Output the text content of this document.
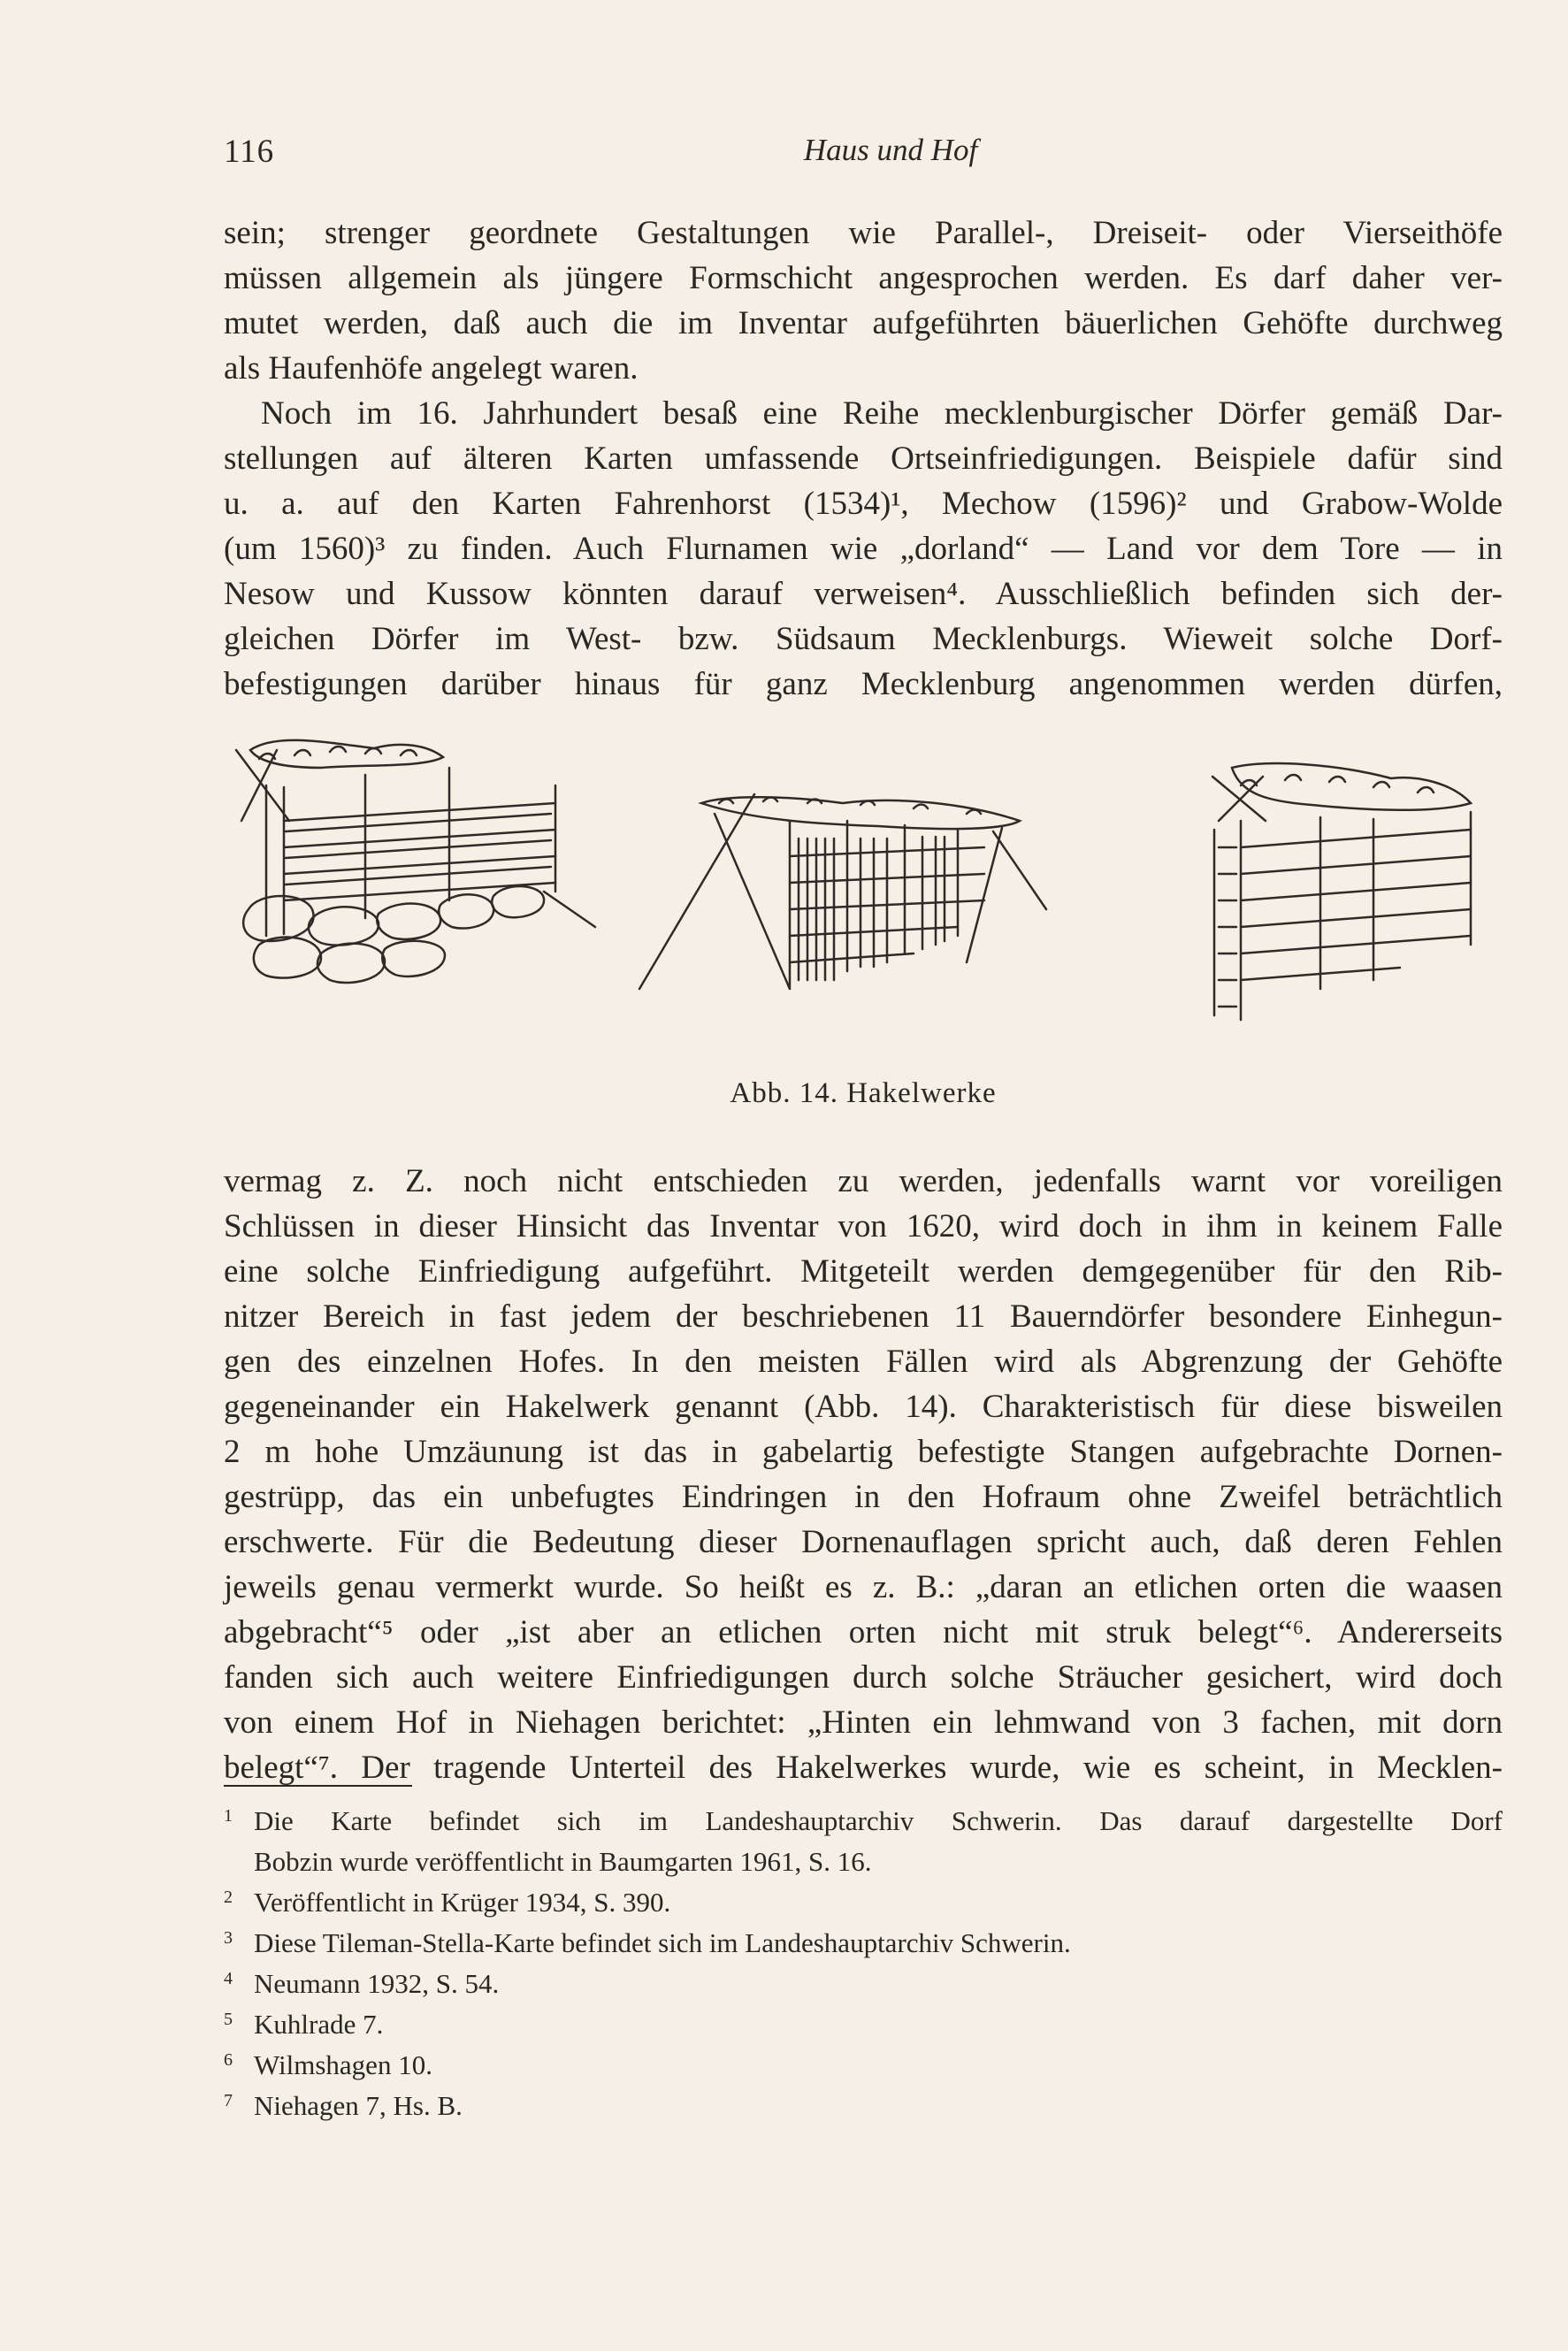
116	Haus und Hof
sein; strenger geordnete Gestaltungen wie Parallel-, Dreiseit- oder Vierseithöfe
müssen allgemein als jüngere Formschicht angesprochen werden. Es darf daher ver-
mutet werden, daß auch die im Inventar aufgeführten bäuerlichen Gehöfte durchweg
als Haufenhöfe angelegt waren.
Noch im 16. Jahrhundert besaß eine Reihe mecklenburgischer Dörfer gemäß Dar-
stellungen auf älteren Karten umfassende Ortseinfriedigungen. Beispiele dafür sind
u. a. auf den Karten Fahrenhorst (1534)¹, Mechow (1596)² und Grabow-Wolde
(um 1560)³ zu finden. Auch Flurnamen wie „dorland“ — Land vor dem Tore — in
Nesow und Kussow könnten darauf verweisen⁴. Ausschließlich befinden sich der-
gleichen Dörfer im West- bzw. Südsaum Mecklenburgs. Wieweit solche Dorf-
befestigungen darüber hinaus für ganz Mecklenburg angenommen werden dürfen,
Abb. 14. Hakelwerke
vermag z. Z. noch nicht entschieden zu werden, jedenfalls warnt vor voreiligen
Schlüssen in dieser Hinsicht das Inventar von 1620, wird doch in ihm in keinem Falle
eine solche Einfriedigung aufgeführt. Mitgeteilt werden demgegenüber für den Rib-
nitzer Bereich in fast jedem der beschriebenen 11 Bauerndörfer besondere Einhegun-
gen des einzelnen Hofes. In den meisten Fällen wird als Abgrenzung der Gehöfte
gegeneinander ein Hakelwerk genannt (Abb. 14). Charakteristisch für diese bisweilen
2 m hohe Umzäunung ist das in gabelartig befestigte Stangen aufgebrachte Dornen-
gestrüpp, das ein unbefugtes Eindringen in den Hofraum ohne Zweifel beträchtlich
erschwerte. Für die Bedeutung dieser Dornenauflagen spricht auch, daß deren Fehlen
jeweils genau vermerkt wurde. So heißt es z. B.: „daran an etlichen orten die waasen
abgebracht“⁵ oder „ist aber an etlichen orten nicht mit struk belegt“⁶. Andererseits
fanden sich auch weitere Einfriedigungen durch solche Sträucher gesichert, wird doch
von einem Hof in Niehagen berichtet: „Hinten ein lehmwand von 3 fachen, mit dorn
belegt“⁷. Der tragende Unterteil des Hakelwerkes wurde, wie es scheint, in Mecklen-
1 Die Karte befindet sich im Landeshauptarchiv Schwerin. Das darauf dargestellte Dorf
Bobzin wurde veröffentlicht in Baumgarten 1961, S. 16.
2 Veröffentlicht in Krüger 1934, S. 390.
3 Diese Tileman-Stella-Karte befindet sich im Landeshauptarchiv Schwerin.
4 Neumann 1932, S. 54.
5 Kuhlrade 7.
6 Wilmshagen 10.
7 Niehagen 7, Hs. B.
